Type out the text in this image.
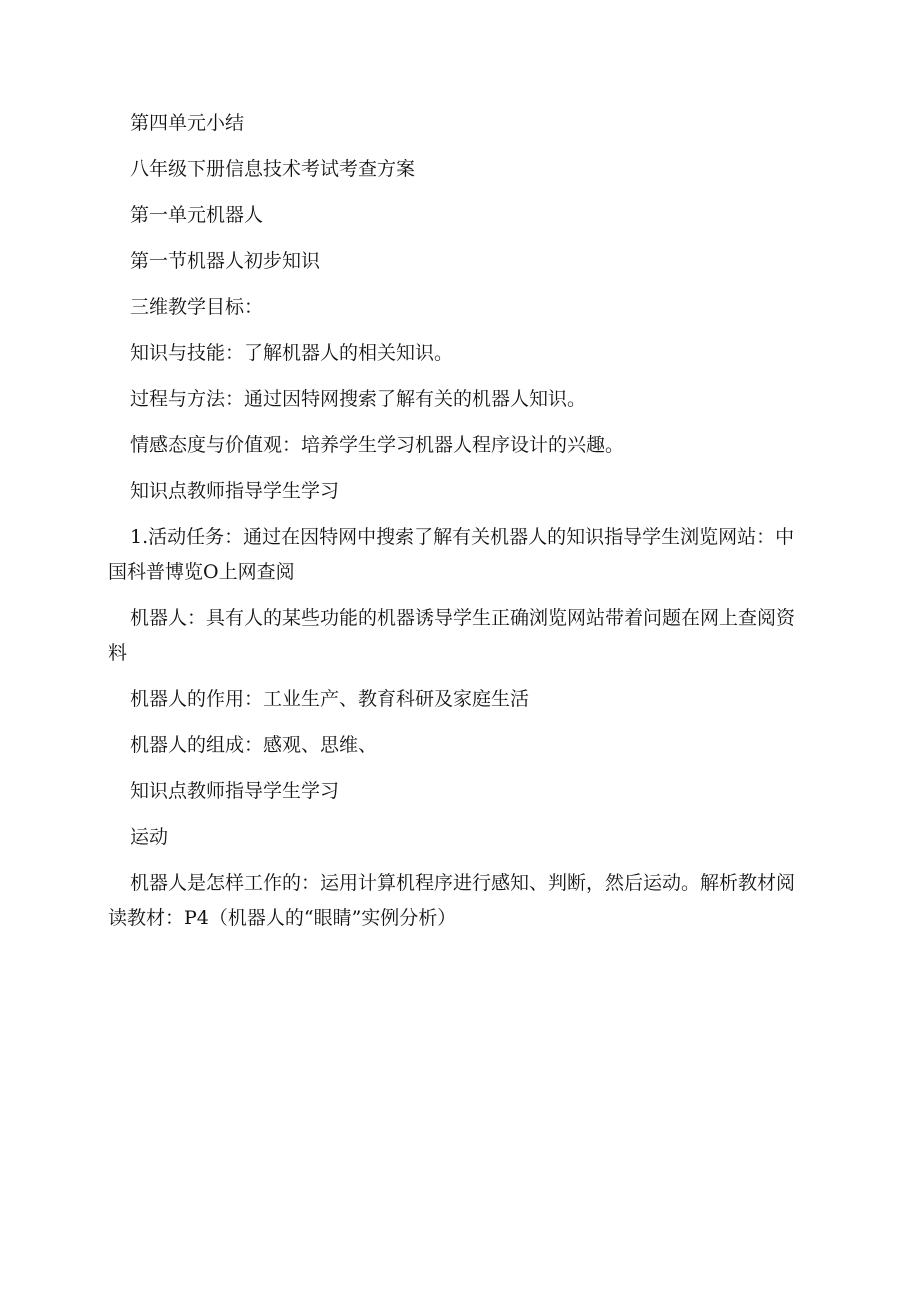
第四单元小结

八年级下册信息技术考试考查方案

第一单元机器人

第一节机器人初步知识

三维教学目标：

知识与技能：了解机器人的相关知识。

过程与方法：通过因特网搜索了解有关的机器人知识。

情感态度与价值观：培养学生学习机器人程序设计的兴趣。

知识点教师指导学生学习

1.活动任务：通过在因特网中搜索了解有关机器人的知识指导学生浏览网站：中国科普博览O上网查阅

机器人：具有人的某些功能的机器诱导学生正确浏览网站带着问题在网上查阅资料

机器人的作用：工业生产、教育科研及家庭生活

机器人的组成：感观、思维、

知识点教师指导学生学习

运动

机器人是怎样工作的：运用计算机程序进行感知、判断，然后运动。解析教材阅读教材：P4（机器人的“眼睛”实例分析）
